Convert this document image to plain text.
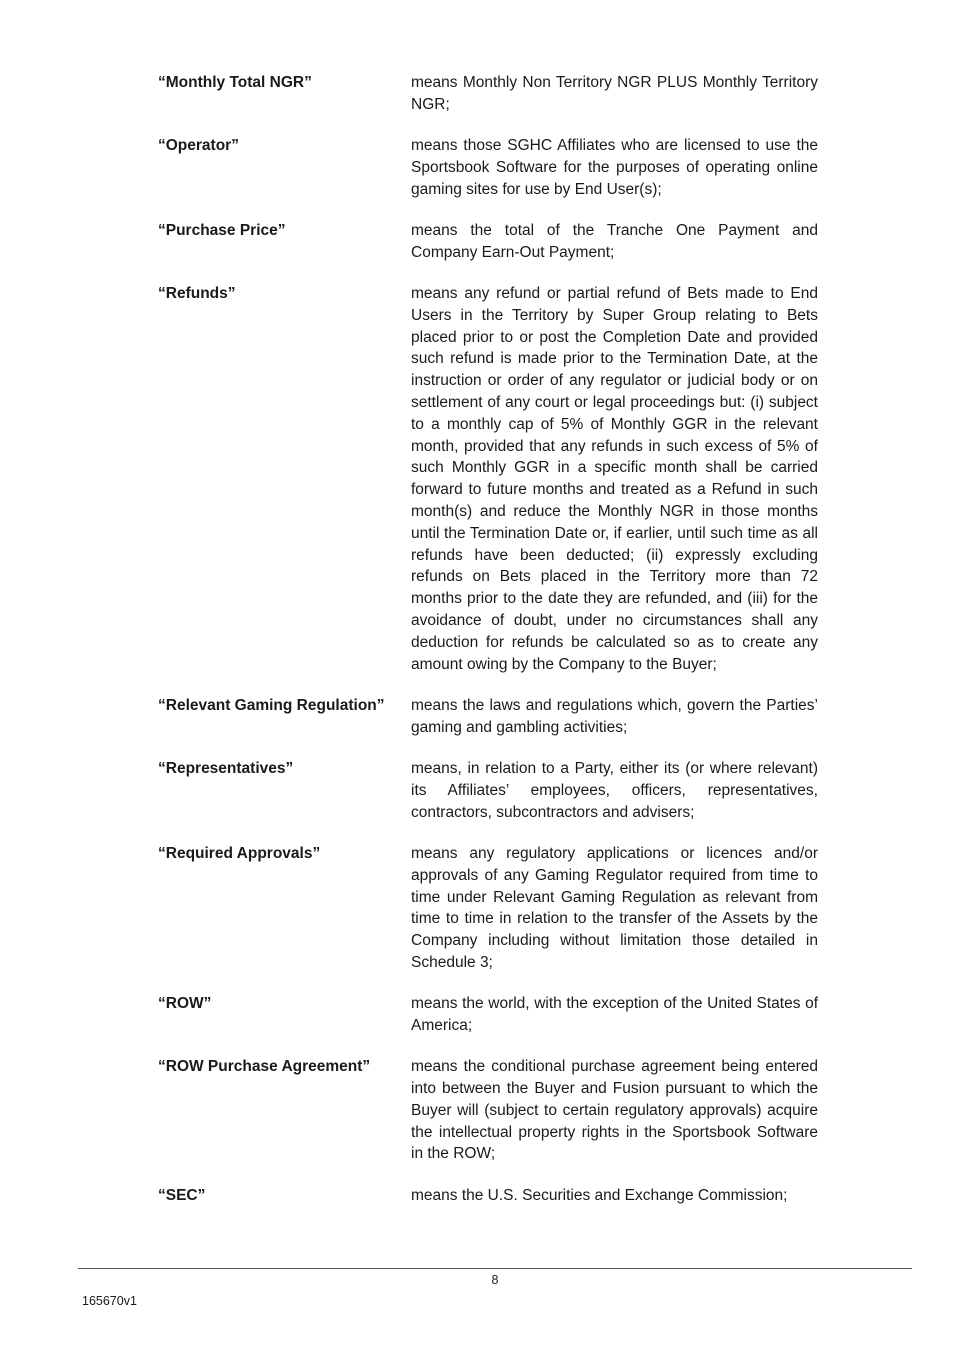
“Monthly Total NGR”	means Monthly Non Territory NGR PLUS Monthly Territory NGR;
“Operator”	means those SGHC Affiliates who are licensed to use the Sportsbook Software for the purposes of operating online gaming sites for use by End User(s);
“Purchase Price”	means the total of the Tranche One Payment and Company Earn-Out Payment;
“Refunds”	means any refund or partial refund of Bets made to End Users in the Territory by Super Group relating to Bets placed prior to or post the Completion Date and provided such refund is made prior to the Termination Date, at the instruction or order of any regulator or judicial body or on settlement of any court or legal proceedings but: (i) subject to a monthly cap of 5% of Monthly GGR in the relevant month, provided that any refunds in such excess of 5% of such Monthly GGR in a specific month shall be carried forward to future months and treated as a Refund in such month(s) and reduce the Monthly NGR in those months until the Termination Date or, if earlier, until such time as all refunds have been deducted; (ii) expressly excluding refunds on Bets placed in the Territory more than 72 months prior to the date they are refunded, and (iii) for the avoidance of doubt, under no circumstances shall any deduction for refunds be calculated so as to create any amount owing by the Company to the Buyer;
“Relevant Gaming Regulation”	means the laws and regulations which, govern the Parties’ gaming and gambling activities;
“Representatives”	means, in relation to a Party, either its (or where relevant) its Affiliates’ employees, officers, representatives, contractors, subcontractors and advisers;
“Required Approvals”	means any regulatory applications or licences and/or approvals of any Gaming Regulator required from time to time under Relevant Gaming Regulation as relevant from time to time in relation to the transfer of the Assets by the Company including without limitation those detailed in Schedule 3;
“ROW”	means the world, with the exception of the United States of America;
“ROW Purchase Agreement”	means the conditional purchase agreement being entered into between the Buyer and Fusion pursuant to which the Buyer will (subject to certain regulatory approvals) acquire the intellectual property rights in the Sportsbook Software in the ROW;
“SEC”	means the U.S. Securities and Exchange Commission;
8
165670v1
